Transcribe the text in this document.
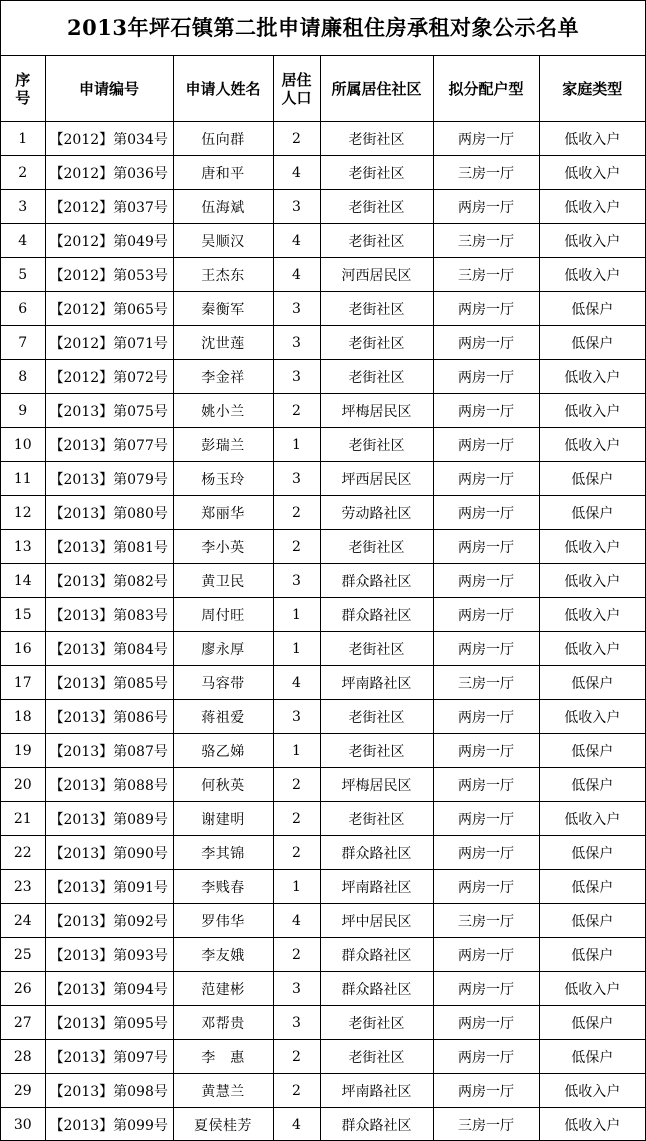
2013年坪石镇第二批申请廉租住房承租对象公示名单
序号	申请编号	申请人姓名	居住人口	所属居住社区	拟分配户型	家庭类型
1	【2012】第034号	伍向群	2	老街社区	两房一厅	低收入户
2	【2012】第036号	唐和平	4	老街社区	三房一厅	低收入户
3	【2012】第037号	伍海斌	3	老街社区	两房一厅	低收入户
4	【2012】第049号	吴顺汉	4	老街社区	三房一厅	低收入户
5	【2012】第053号	王杰东	4	河西居民区	三房一厅	低收入户
6	【2012】第065号	秦衡军	3	老街社区	两房一厅	低保户
7	【2012】第071号	沈世莲	3	老街社区	两房一厅	低保户
8	【2012】第072号	李金祥	3	老街社区	两房一厅	低收入户
9	【2013】第075号	姚小兰	2	坪梅居民区	两房一厅	低收入户
10	【2013】第077号	彭瑞兰	1	老街社区	两房一厅	低收入户
11	【2013】第079号	杨玉玲	3	坪西居民区	两房一厅	低保户
12	【2013】第080号	郑丽华	2	劳动路社区	两房一厅	低保户
13	【2013】第081号	李小英	2	老街社区	两房一厅	低收入户
14	【2013】第082号	黄卫民	3	群众路社区	两房一厅	低收入户
15	【2013】第083号	周付旺	1	群众路社区	两房一厅	低收入户
16	【2013】第084号	廖永厚	1	老街社区	两房一厅	低收入户
17	【2013】第085号	马容带	4	坪南路社区	三房一厅	低保户
18	【2013】第086号	蒋祖爱	3	老街社区	两房一厅	低收入户
19	【2013】第087号	骆乙娣	1	老街社区	两房一厅	低保户
20	【2013】第088号	何秋英	2	坪梅居民区	两房一厅	低保户
21	【2013】第089号	谢建明	2	老街社区	两房一厅	低收入户
22	【2013】第090号	李其锦	2	群众路社区	两房一厅	低保户
23	【2013】第091号	李贱春	1	坪南路社区	两房一厅	低保户
24	【2013】第092号	罗伟华	4	坪中居民区	三房一厅	低保户
25	【2013】第093号	李友娥	2	群众路社区	两房一厅	低保户
26	【2013】第094号	范建彬	3	群众路社区	两房一厅	低收入户
27	【2013】第095号	邓帮贵	3	老街社区	两房一厅	低保户
28	【2013】第097号	李　惠	2	老街社区	两房一厅	低保户
29	【2013】第098号	黄慧兰	2	坪南路社区	两房一厅	低收入户
30	【2013】第099号	夏侯桂芳	4	群众路社区	三房一厅	低收入户
